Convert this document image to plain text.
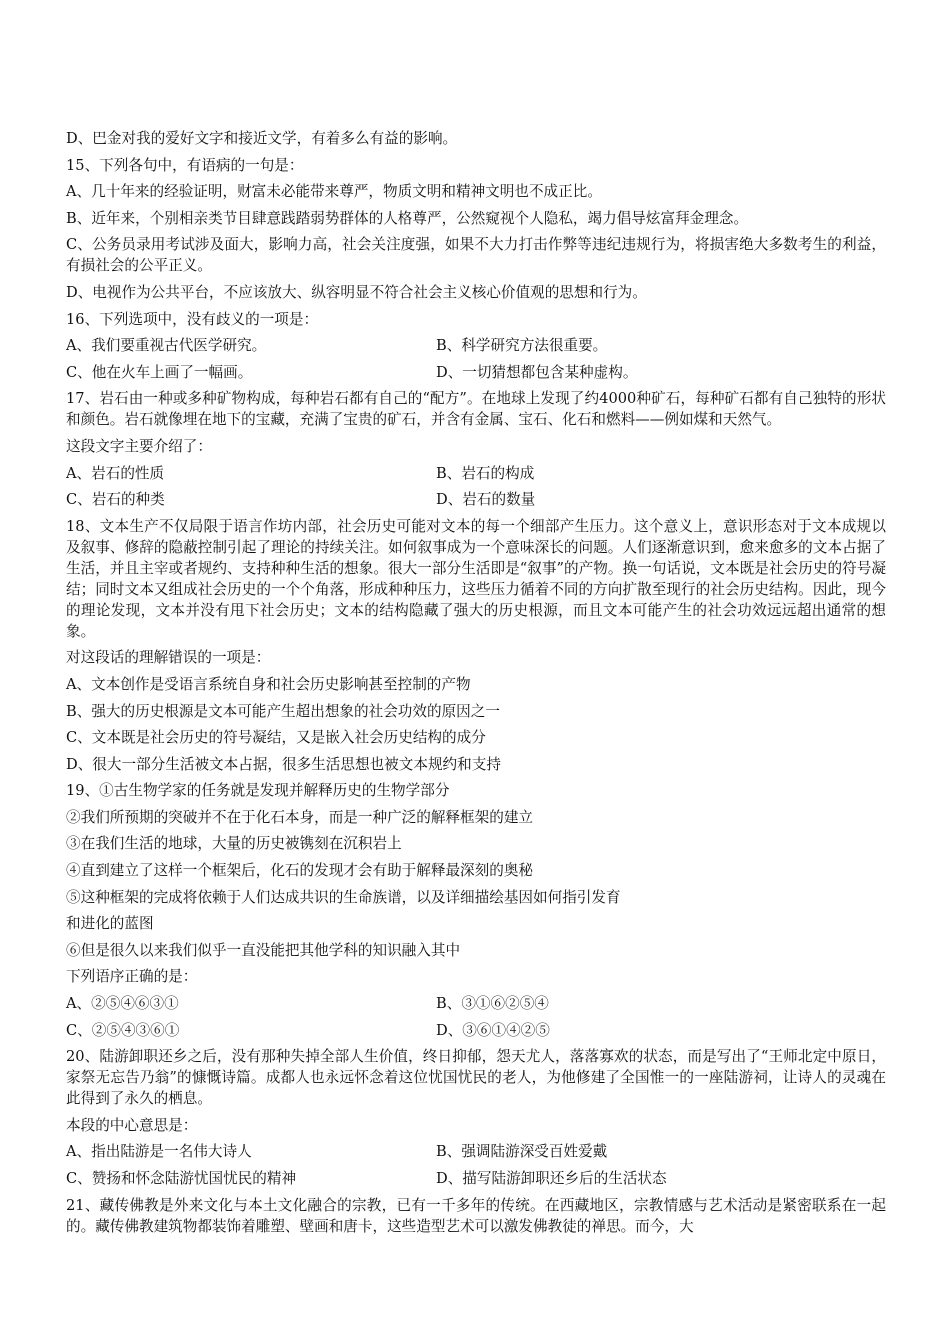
D、巴金对我的爱好文字和接近文学，有着多么有益的影响。
15、下列各句中，有语病的一句是：
A、几十年来的经验证明，财富未必能带来尊严，物质文明和精神文明也不成正比。
B、近年来，个别相亲类节目肆意践踏弱势群体的人格尊严，公然窥视个人隐私，竭力倡导炫富拜金理念。
C、公务员录用考试涉及面大，影响力高，社会关注度强，如果不大力打击作弊等违纪违规行为，将损害绝大多数考生的利益，有损社会的公平正义。
D、电视作为公共平台，不应该放大、纵容明显不符合社会主义核心价值观的思想和行为。
16、下列选项中，没有歧义的一项是：
A、我们要重视古代医学研究。	B、科学研究方法很重要。
C、他在火车上画了一幅画。	D、一切猜想都包含某种虚构。
17、岩石由一种或多种矿物构成，每种岩石都有自己的“配方”。在地球上发现了约4000种矿石，每种矿石都有自己独特的形状和颜色。岩石就像埋在地下的宝藏，充满了宝贵的矿石，并含有金属、宝石、化石和燃料——例如煤和天然气。
这段文字主要介绍了：
A、岩石的性质	B、岩石的构成
C、岩石的种类	D、岩石的数量
18、文本生产不仅局限于语言作坊内部，社会历史可能对文本的每一个细部产生压力。这个意义上，意识形态对于文本成规以及叙事、修辞的隐蔽控制引起了理论的持续关注。如何叙事成为一个意味深长的问题。人们逐渐意识到，愈来愈多的文本占据了生活，并且主宰或者规约、支持种种生活的想象。很大一部分生活即是“叙事”的产物。换一句话说，文本既是社会历史的符号凝结；同时文本又组成社会历史的一个个角落，形成种种压力，这些压力循着不同的方向扩散至现行的社会历史结构。因此，现今的理论发现，文本并没有甩下社会历史；文本的结构隐藏了强大的历史根源，而且文本可能产生的社会功效远远超出通常的想象。
对这段话的理解错误的一项是：
A、文本创作是受语言系统自身和社会历史影响甚至控制的产物
B、强大的历史根源是文本可能产生超出想象的社会功效的原因之一
C、文本既是社会历史的符号凝结，又是嵌入社会历史结构的成分
D、很大一部分生活被文本占据，很多生活思想也被文本规约和支持
19、①古生物学家的任务就是发现并解释历史的生物学部分
②我们所预期的突破并不在于化石本身，而是一种广泛的解释框架的建立
③在我们生活的地球，大量的历史被镌刻在沉积岩上
④直到建立了这样一个框架后，化石的发现才会有助于解释最深刻的奥秘
⑤这种框架的完成将依赖于人们达成共识的生命族谱，以及详细描绘基因如何指引发育
和进化的蓝图
⑥但是很久以来我们似乎一直没能把其他学科的知识融入其中
下列语序正确的是：
A、②⑤④⑥③①	B、③①⑥②⑤④
C、②⑤④③⑥①	D、③⑥①④②⑤
20、陆游卸职还乡之后，没有那种失掉全部人生价值，终日抑郁，怨天尤人，落落寡欢的状态，而是写出了“王师北定中原日，家祭无忘告乃翁”的慷慨诗篇。成都人也永远怀念着这位忧国忧民的老人，为他修建了全国惟一的一座陆游祠，让诗人的灵魂在此得到了永久的栖息。
本段的中心意思是：
A、指出陆游是一名伟大诗人	B、强调陆游深受百姓爱戴
C、赞扬和怀念陆游忧国忧民的精神	D、描写陆游卸职还乡后的生活状态
21、藏传佛教是外来文化与本土文化融合的宗教，已有一千多年的传统。在西藏地区，宗教情感与艺术活动是紧密联系在一起的。藏传佛教建筑物都装饰着雕塑、壁画和唐卡，这些造型艺术可以激发佛教徒的禅思。而今，大
